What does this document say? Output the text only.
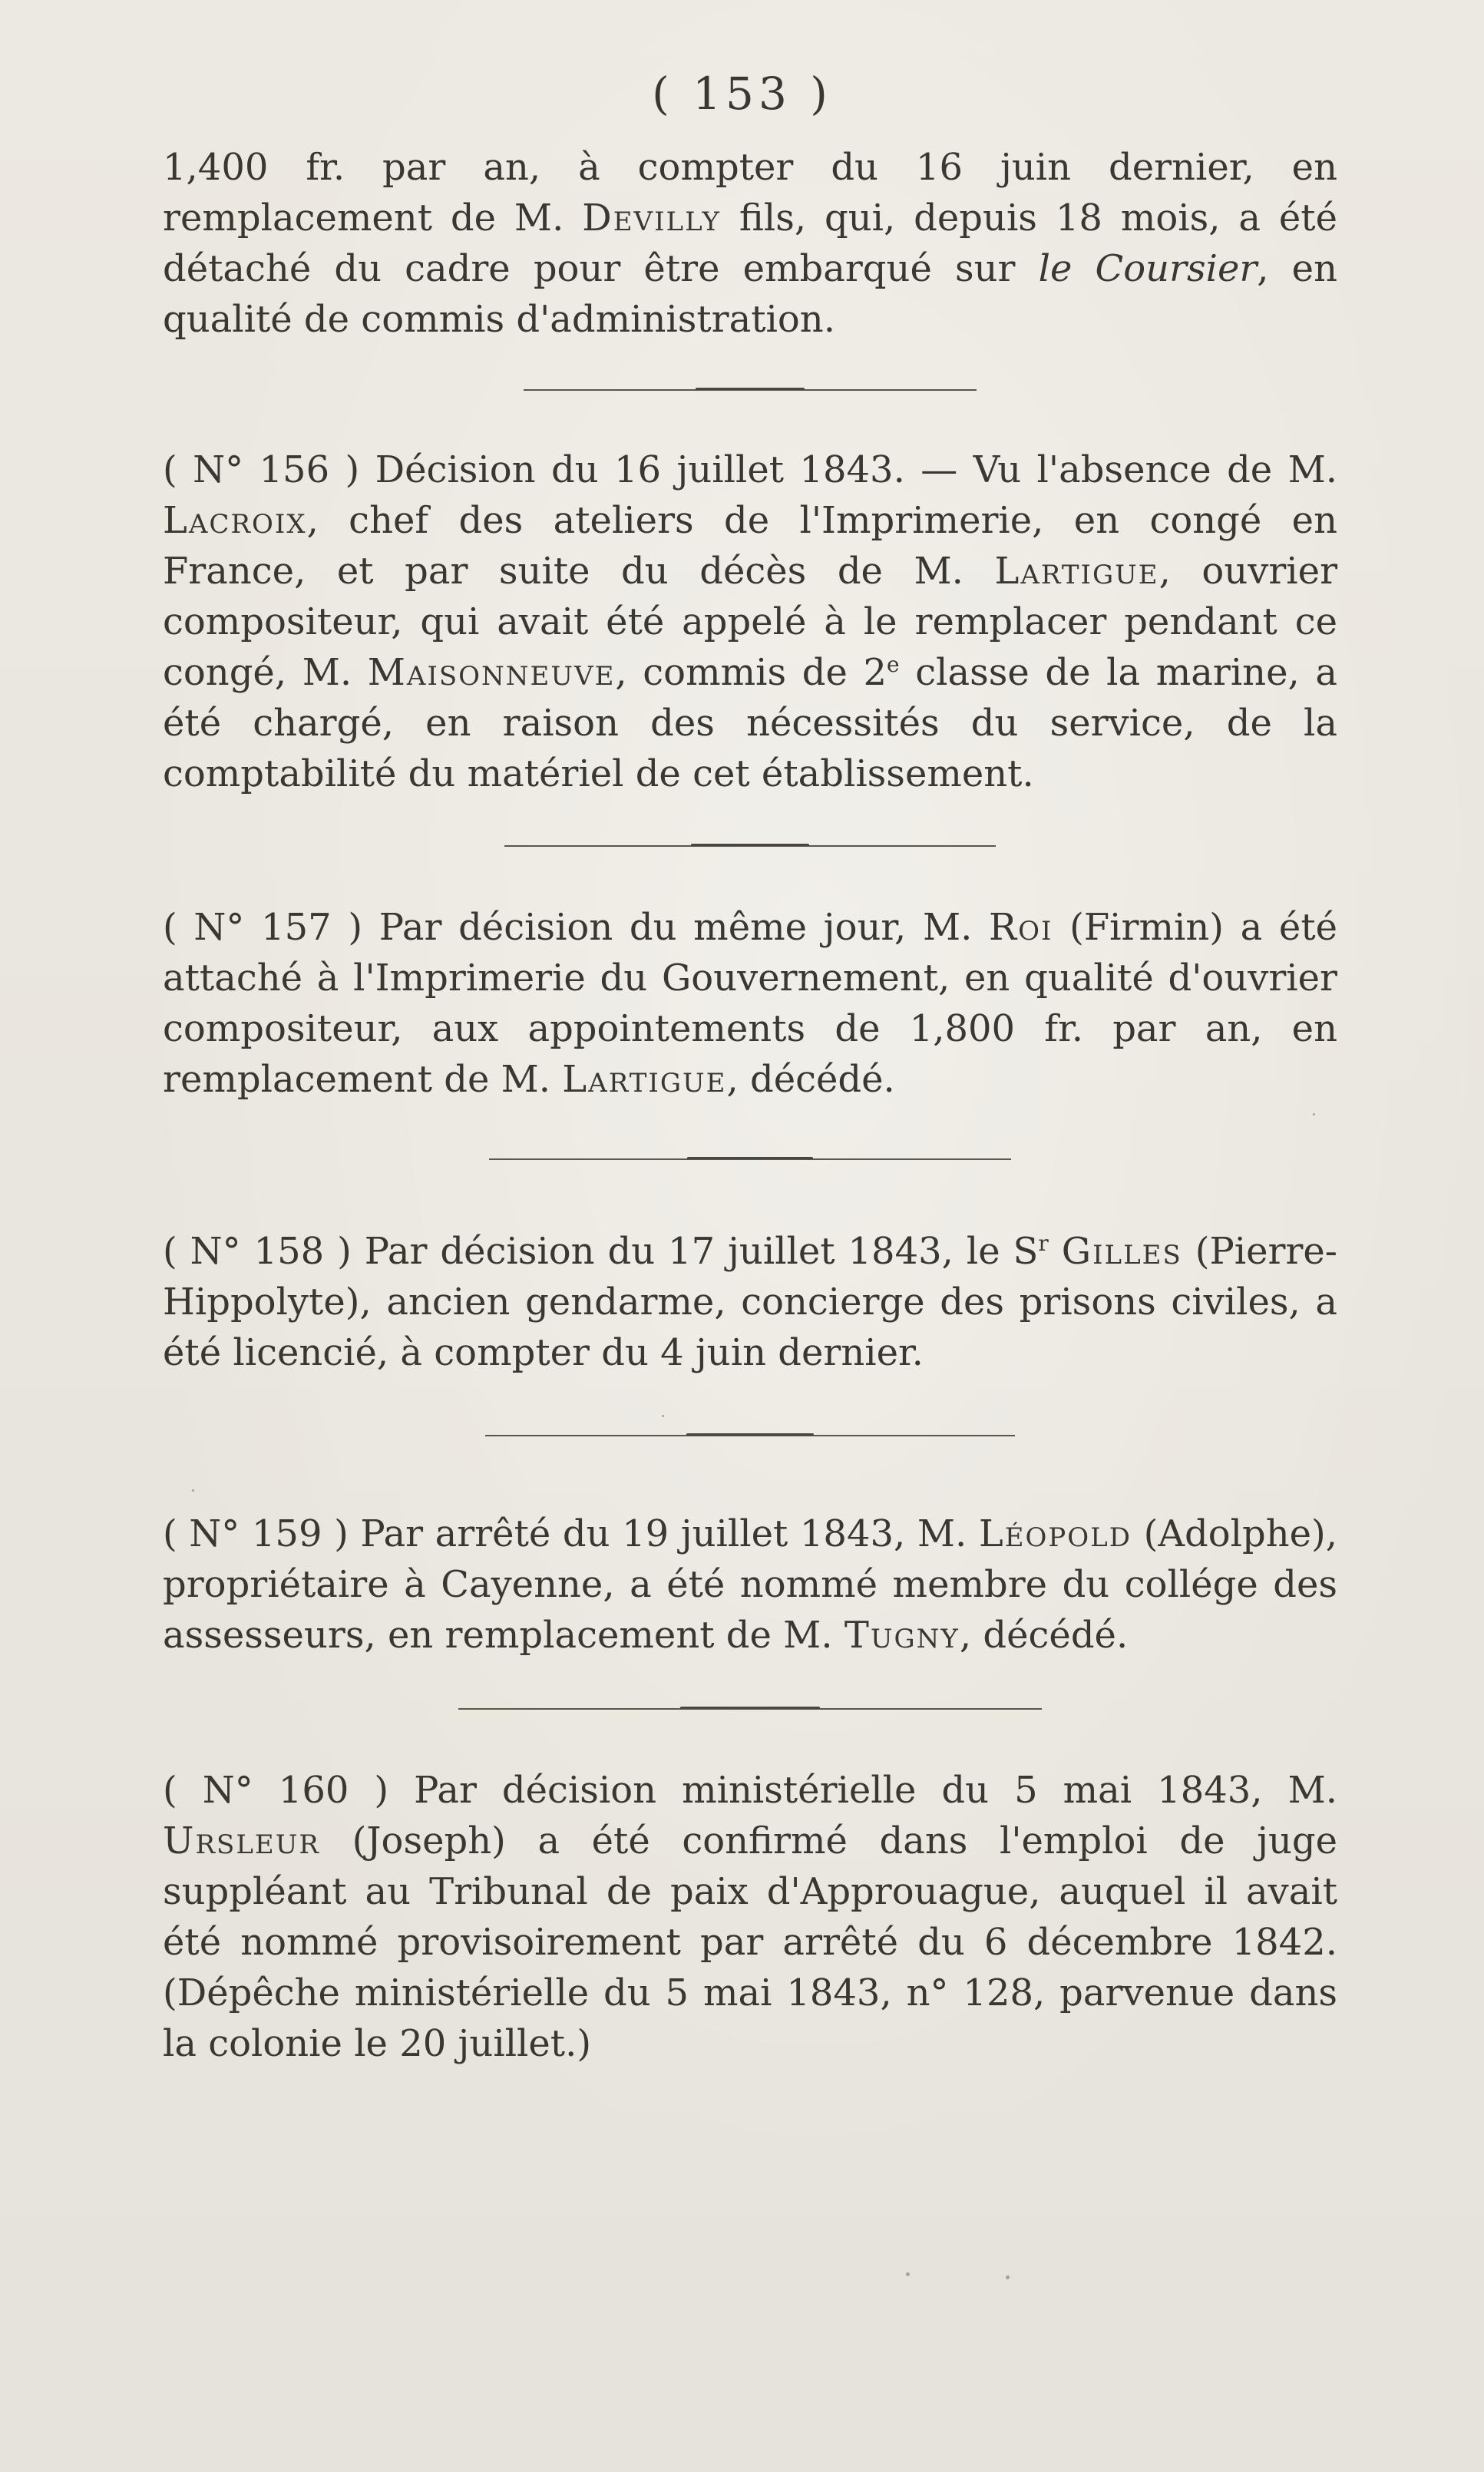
( 153 )

1,400 fr. par an, à compter du 16 juin dernier, en remplacement de M. Devilly fils, qui, depuis 18 mois, a été détaché du cadre pour être embarqué sur le Coursier, en qualité de commis d'administration.

( N° 156 ) Décision du 16 juillet 1843. — Vu l'absence de M. Lacroix, chef des ateliers de l'Imprimerie, en congé en France, et par suite du décès de M. Lartigue, ouvrier compositeur, qui avait été appelé à le remplacer pendant ce congé, M. Maisonneuve, commis de 2e classe de la marine, a été chargé, en raison des nécessités du service, de la comptabilité du matériel de cet établissement.

( N° 157 ) Par décision du même jour, M. Roi (Firmin) a été attaché à l'Imprimerie du Gouvernement, en qualité d'ouvrier compositeur, aux appointements de 1,800 fr. par an, en remplacement de M. Lartigue, décédé.

( N° 158 ) Par décision du 17 juillet 1843, le $S^r$ Gilles (Pierre-Hippolyte), ancien gendarme, concierge des prisons civiles, a été licencié, à compter du 4 juin dernier.

( N° 159 ) Par arrêté du 19 juillet 1843, M. Léopold (Adolphe), propriétaire à Cayenne, a été nommé membre du collége des assesseurs, en remplacement de M. Tugny, décédé.

( N° 160 ) Par décision ministérielle du 5 mai 1843, M. Ursleur (Joseph) a été confirmé dans l'emploi de juge suppléant au Tribunal de paix d'Approuague, auquel il avait été nommé provisoirement par arrêté du 6 décembre 1842. (Dépêche ministérielle du 5 mai 1843, n° 128, parvenue dans la colonie le 20 juillet.)
